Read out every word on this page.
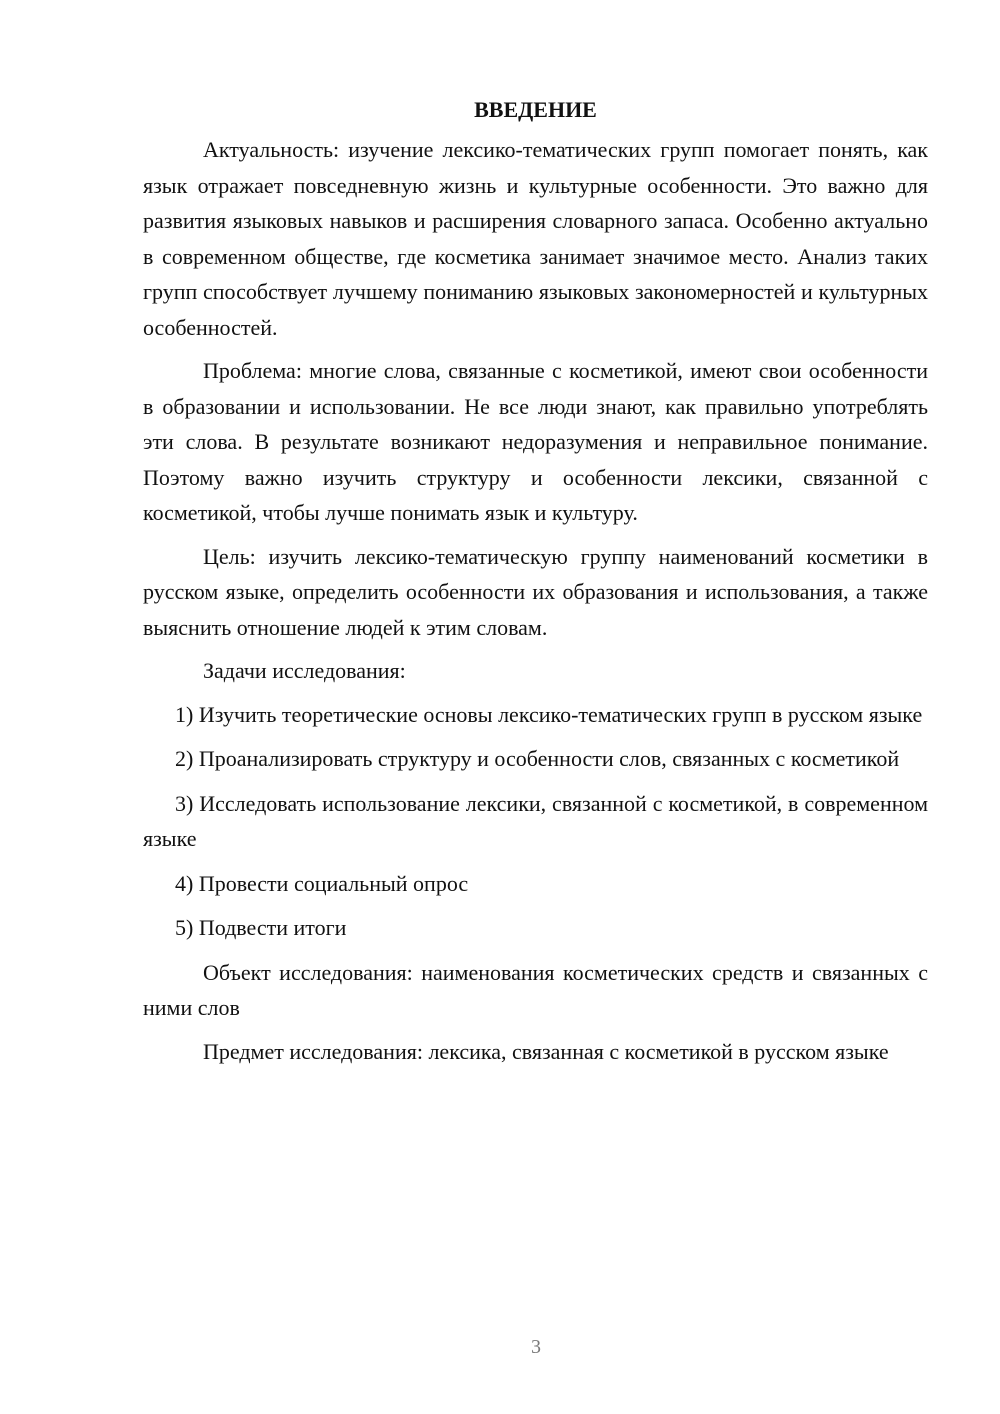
ВВЕДЕНИЕ

Актуальность: изучение лексико-тематических групп помогает понять, как язык отражает повседневную жизнь и культурные особенности. Это важно для развития языковых навыков и расширения словарного запаса. Особенно актуально в современном обществе, где косметика занимает значимое место. Анализ таких групп способствует лучшему пониманию языковых закономерностей и культурных особенностей.

Проблема: многие слова, связанные с косметикой, имеют свои особенности в образовании и использовании. Не все люди знают, как правильно употреблять эти слова. В результате возникают недоразумения и неправильное понимание. Поэтому важно изучить структуру и особенности лексики, связанной с косметикой, чтобы лучше понимать язык и культуру.

Цель: изучить лексико-тематическую группу наименований косметики в русском языке, определить особенности их образования и использования, а также выяснить отношение людей к этим словам.

Задачи исследования:

1) Изучить теоретические основы лексико-тематических групп в русском языке

2) Проанализировать структуру и особенности слов, связанных с косметикой

3) Исследовать использование лексики, связанной с косметикой, в современном языке

4) Провести социальный опрос

5) Подвести итоги

Объект исследования: наименования косметических средств и связанных с ними слов

Предмет исследования: лексика, связанная с косметикой в русском языке

3
